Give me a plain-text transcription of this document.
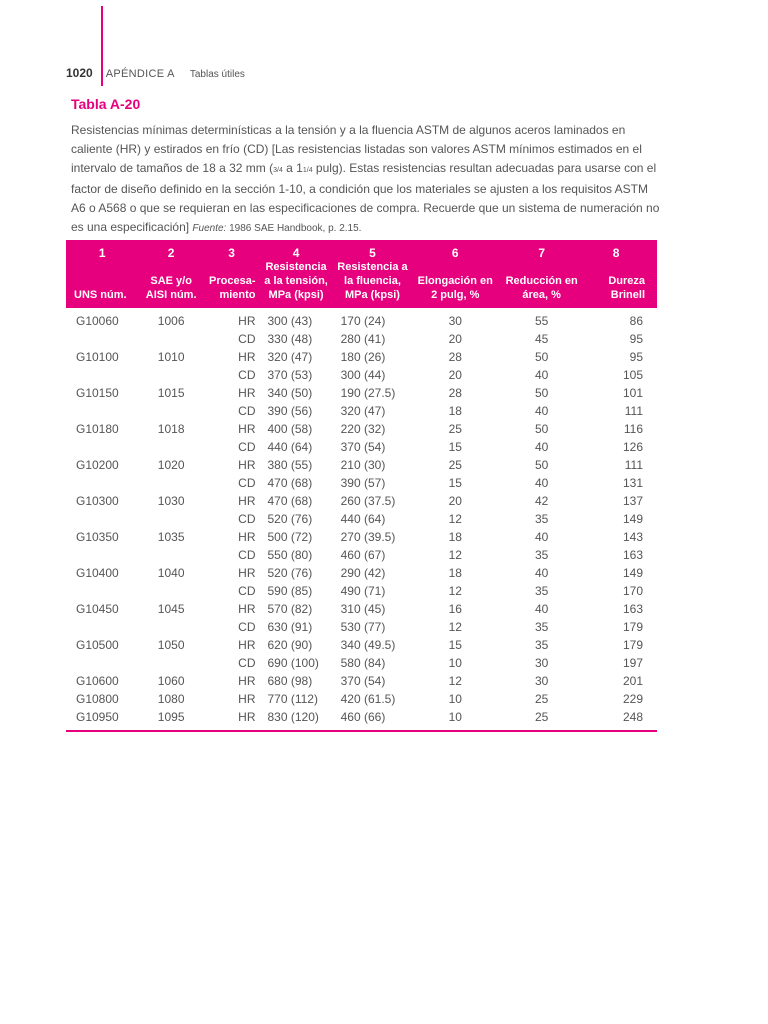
1020 APÉNDICE A Tablas útiles
Tabla A-20
Resistencias mínimas determinísticas a la tensión y a la fluencia ASTM de algunos aceros laminados en caliente (HR) y estirados en frío (CD) [Las resistencias listadas son valores ASTM mínimos estimados en el intervalo de tamaños de 18 a 32 mm (3/4 a 11/4 pulg). Estas resistencias resultan adecuadas para usarse con el factor de diseño definido en la sección 1-10, a condición que los materiales se ajusten a los requisitos ASTM A6 o A568 o que se requieran en las especificaciones de compra. Recuerde que un sistema de numeración no es una especificación] Fuente: 1986 SAE Handbook, p. 2.15.
1	2	3	4	5	6	7	8
UNS núm.	SAE y/o AISI núm.	Procesa- miento	Resistencia a la tensión, MPa (kpsi)	Resistencia a la fluencia, MPa (kpsi)	Elongación en 2 pulg, %	Reducción en área, %	Dureza Brinell
G10060	1006	HR	300 (43)	170 (24)	30	55	86
		CD	330 (48)	280 (41)	20	45	95
G10100	1010	HR	320 (47)	180 (26)	28	50	95
		CD	370 (53)	300 (44)	20	40	105
G10150	1015	HR	340 (50)	190 (27.5)	28	50	101
		CD	390 (56)	320 (47)	18	40	111
G10180	1018	HR	400 (58)	220 (32)	25	50	116
		CD	440 (64)	370 (54)	15	40	126
G10200	1020	HR	380 (55)	210 (30)	25	50	111
		CD	470 (68)	390 (57)	15	40	131
G10300	1030	HR	470 (68)	260 (37.5)	20	42	137
		CD	520 (76)	440 (64)	12	35	149
G10350	1035	HR	500 (72)	270 (39.5)	18	40	143
		CD	550 (80)	460 (67)	12	35	163
G10400	1040	HR	520 (76)	290 (42)	18	40	149
		CD	590 (85)	490 (71)	12	35	170
G10450	1045	HR	570 (82)	310 (45)	16	40	163
		CD	630 (91)	530 (77)	12	35	179
G10500	1050	HR	620 (90)	340 (49.5)	15	35	179
		CD	690 (100)	580 (84)	10	30	197
G10600	1060	HR	680 (98)	370 (54)	12	30	201
G10800	1080	HR	770 (112)	420 (61.5)	10	25	229
G10950	1095	HR	830 (120)	460 (66)	10	25	248
